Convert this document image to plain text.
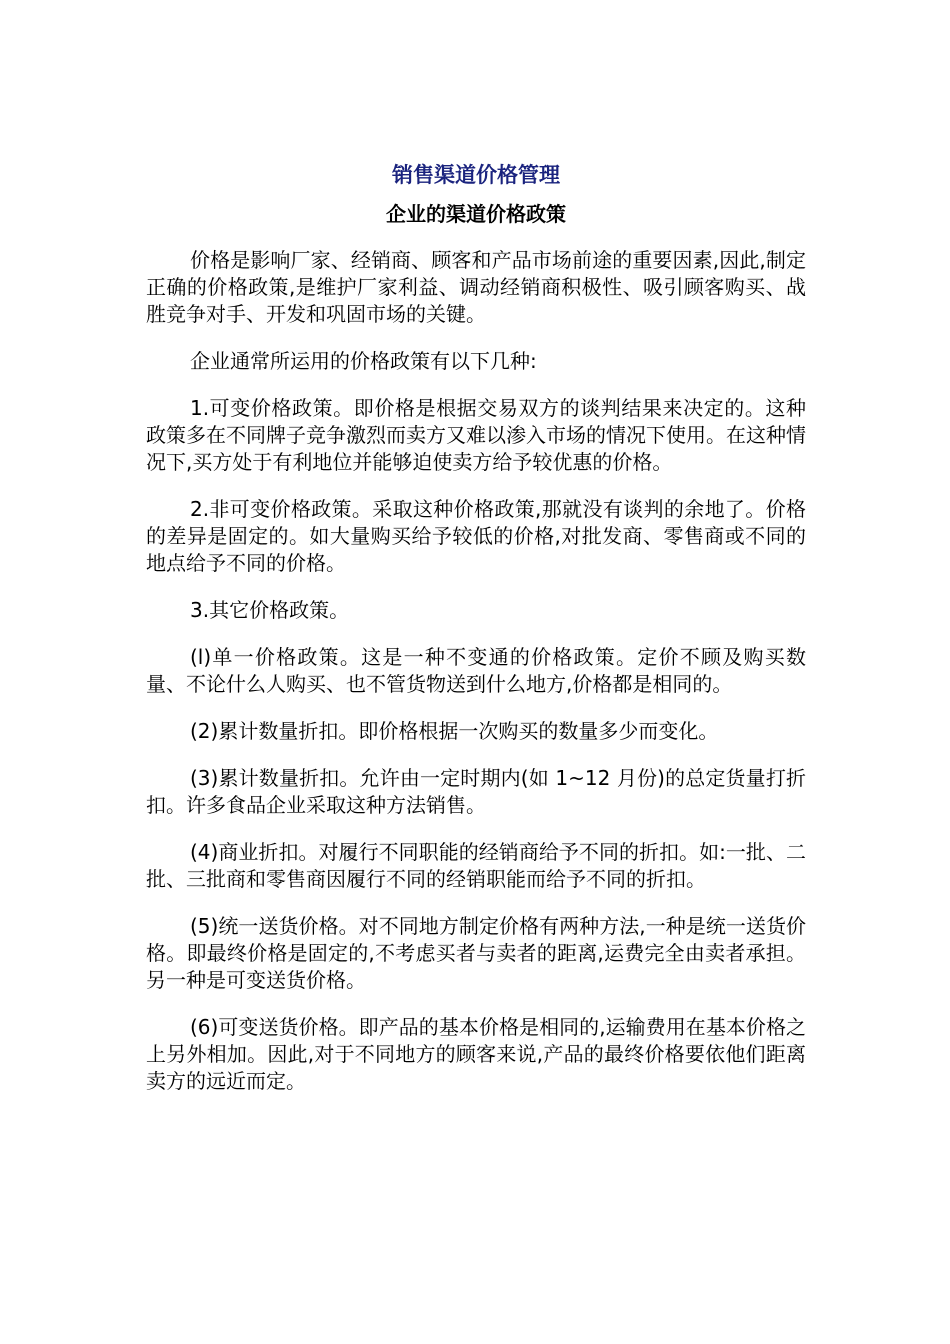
销售渠道价格管理
企业的渠道价格政策

价格是影响厂家、经销商、顾客和产品市场前途的重要因素,因此,制定正确的价格政策,是维护厂家利益、调动经销商积极性、吸引顾客购买、战胜竞争对手、开发和巩固市场的关键。

企业通常所运用的价格政策有以下几种:

1.可变价格政策。即价格是根据交易双方的谈判结果来决定的。这种政策多在不同牌子竞争激烈而卖方又难以渗入市场的情况下使用。在这种情况下,买方处于有利地位并能够迫使卖方给予较优惠的价格。

2.非可变价格政策。采取这种价格政策,那就没有谈判的余地了。价格的差异是固定的。如大量购买给予较低的价格,对批发商、零售商或不同的地点给予不同的价格。

3.其它价格政策。

(l)单一价格政策。这是一种不变通的价格政策。定价不顾及购买数量、不论什么人购买、也不管货物送到什么地方,价格都是相同的。

(2)累计数量折扣。即价格根据一次购买的数量多少而变化。

(3)累计数量折扣。允许由一定时期内(如 1~12 月份)的总定货量打折扣。许多食品企业采取这种方法销售。

(4)商业折扣。对履行不同职能的经销商给予不同的折扣。如:一批、二批、三批商和零售商因履行不同的经销职能而给予不同的折扣。

(5)统一送货价格。对不同地方制定价格有两种方法,一种是统一送货价格。即最终价格是固定的,不考虑买者与卖者的距离,运费完全由卖者承担。另一种是可变送货价格。

(6)可变送货价格。即产品的基本价格是相同的,运输费用在基本价格之上另外相加。因此,对于不同地方的顾客来说,产品的最终价格要依他们距离卖方的远近而定。
